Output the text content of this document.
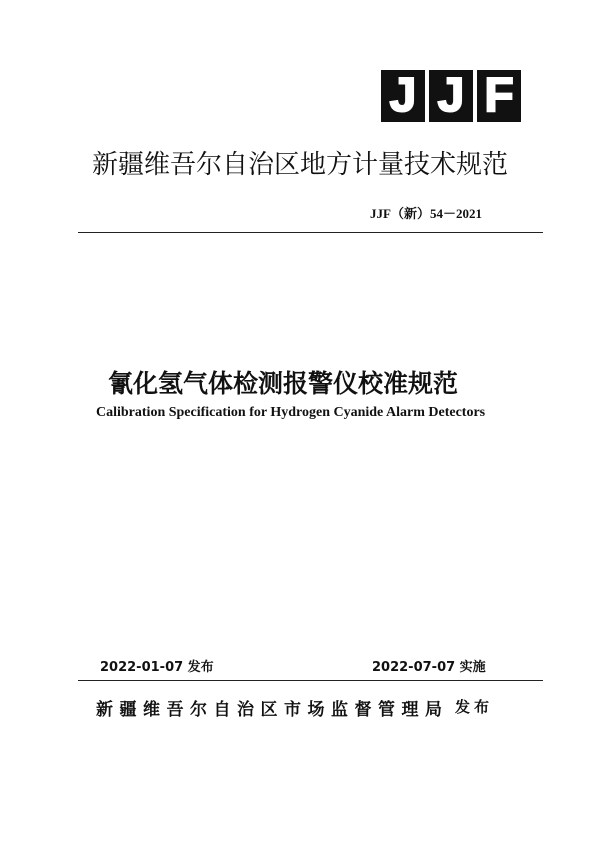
J J F
新疆维吾尔自治区地方计量技术规范
JJF（新）54－2021
氰化氢气体检测报警仪校准规范
Calibration Specification for Hydrogen Cyanide Alarm Detectors
2022-01-07 发布	2022-07-07 实施
新疆维吾尔自治区市场监督管理局 发布
